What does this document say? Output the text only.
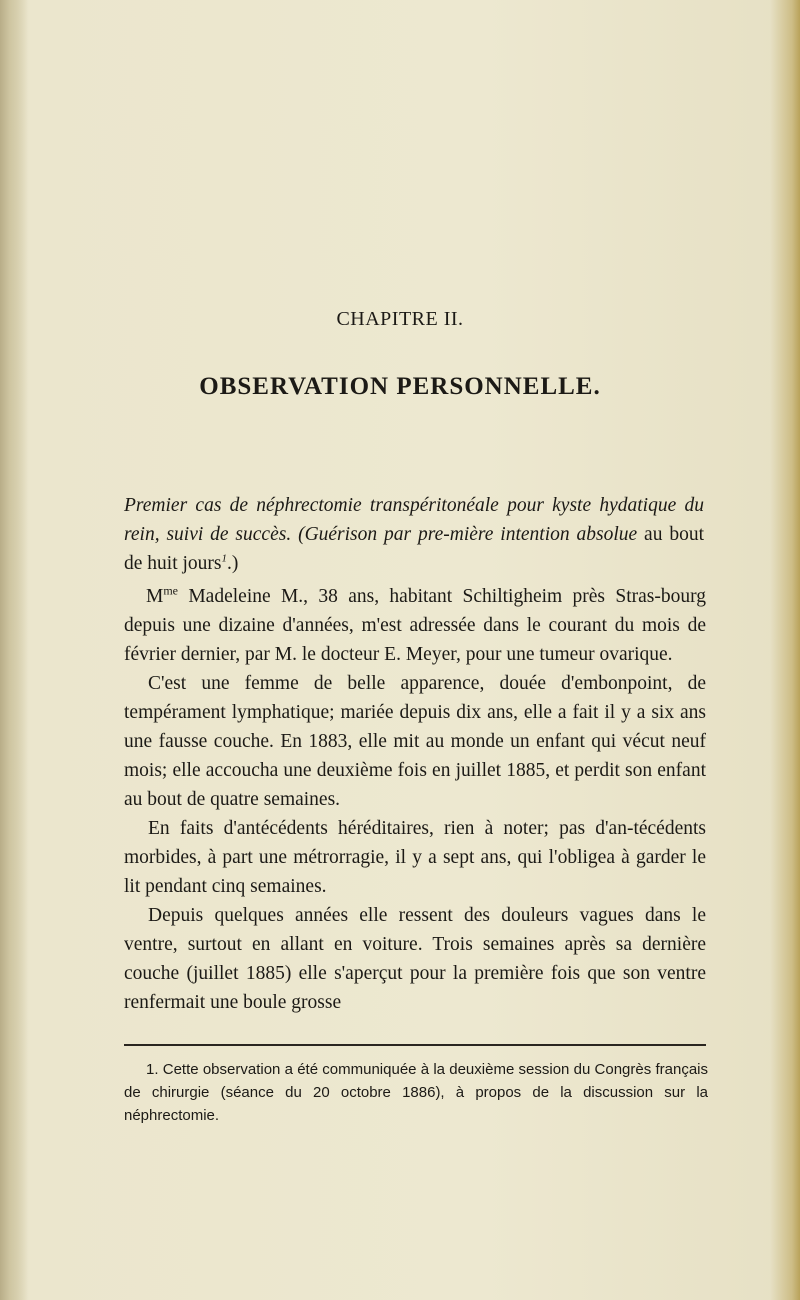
CHAPITRE II.
OBSERVATION PERSONNELLE.
Premier cas de néphrectomie transpéritonéale pour kyste hydatique du rein, suivi de succès. (Guérison par pre-mière intention absolue au bout de huit jours$^1$.)

$M^{me}$ Madeleine M., 38 ans, habitant Schiltigheim près Stras-bourg depuis une dizaine d'années, m'est adressée dans le courant du mois de février dernier, par M. le docteur E. Meyer, pour une tumeur ovarique.

C'est une femme de belle apparence, douée d'embonpoint, de tempérament lymphatique; mariée depuis dix ans, elle a fait il y a six ans une fausse couche. En 1883, elle mit au monde un enfant qui vécut neuf mois; elle accoucha une deuxième fois en juillet 1885, et perdit son enfant au bout de quatre semaines.

En faits d'antécédents héréditaires, rien à noter; pas d'an-técédents morbides, à part une métrorragie, il y a sept ans, qui l'obligea à garder le lit pendant cinq semaines.

Depuis quelques années elle ressent des douleurs vagues dans le ventre, surtout en allant en voiture. Trois semaines après sa dernière couche (juillet 1885) elle s'aperçut pour la première fois que son ventre renfermait une boule grosse

1. Cette observation a été communiquée à la deuxième session du Congrès français de chirurgie (séance du 20 octobre 1886), à propos de la discussion sur la néphrectomie.
